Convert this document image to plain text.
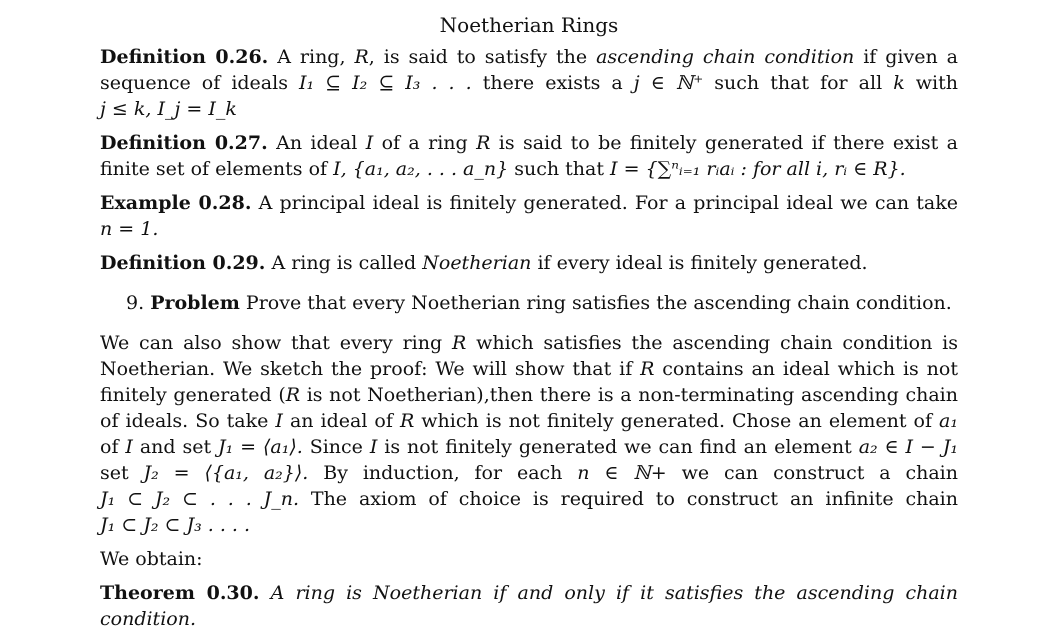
Noetherian Rings

Definition 0.26. A ring, R, is said to satisfy the ascending chain condition if given a sequence of ideals I₁ ⊆ I₂ ⊆ I₃ . . . there exists a j ∈ ℕ⁺ such that for all k with j ≤ k, I_j = I_k

Definition 0.27. An ideal I of a ring R is said to be finitely generated if there exist a finite set of elements of I, {a₁, a₂, . . . a_n} such that I = {∑ⁿᵢ₌₁ rᵢaᵢ : for all i, rᵢ ∈ R}.

Example 0.28. A principal ideal is finitely generated. For a principal ideal we can take n = 1.

Definition 0.29. A ring is called Noetherian if every ideal is finitely generated.

9. Problem Prove that every Noetherian ring satisfies the ascending chain condition.

We can also show that every ring R which satisfies the ascending chain condition is Noetherian. We sketch the proof: We will show that if R contains an ideal which is not finitely generated (R is not Noetherian),then there is a non-terminating ascending chain of ideals. So take I an ideal of R which is not finitely generated. Chose an element of a₁ of I and set J₁ = ⟨a₁⟩. Since I is not finitely generated we can find an element a₂ ∈ I − J₁ set J₂ = ⟨{a₁, a₂}⟩. By induction, for each n ∈ ℕ+ we can construct a chain J₁ ⊂ J₂ ⊂ . . . J_n. The axiom of choice is required to construct an infinite chain J₁ ⊂ J₂ ⊂ J₃ . . . .

We obtain:

Theorem 0.30. A ring is Noetherian if and only if it satisfies the ascending chain condition.
